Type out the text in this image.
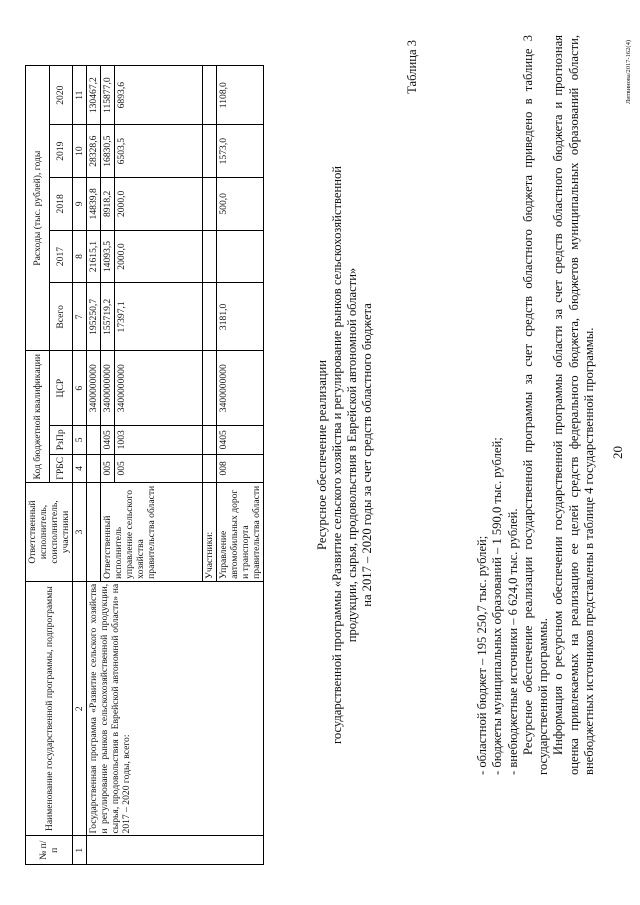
20

- областной бюджет – 195 250,7 тыс. рублей; - бюджеты муниципальных образований – 1 590,0 тыс. рублей; - внебюджетные источники – 6 624,0 тыс. рублей. Ресурсное обеспечение реализации государственной программы за счет средств областного бюджета приведено в таблице 3 государственной программы. Информация о ресурсном обеспечении государственной программы области за счет средств областного бюджета и прогнозная оценка привлекаемых на реализацию ее целей средств федерального бюджета, бюджетов муниципальных образований области, внебюджетных источников представлены в таблице 4 государственной программы.

Таблица 3
Ресурсное обеспечение реализации государственной программы «Развитие сельского хозяйства и регулирование рынков сельскохозяйственной продукции, сырья, продовольствия в Еврейской автономной области» на 2017 – 2020 годы за счет средств областного бюджета
№ п/п	Наименование государственной программы, подпрограммы	Ответственный исполнитель, соисполнитель, участники	Код бюджетной квалификации			Расходы (тыс. рублей), годы				
			ГРБС	РзПр	ЦСР	Всего	2017	2018	2019	2020
1	2	3	4	5	6	7	8	9	10	11
	Государственная программа «Развитие сельского хозяйства и регулирование рынков сельскохозяйственной продукции, сырья, продовольствия в Еврейской автономной области» на 2017 – 2020 годы, всего:				3400000000	195250,7	21615,1	14839,8	28328,6	130467,2
		Ответственный исполнитель управление сельского хозяйства правительства области	005	0405	3400000000	155719,2	14093,5	8918,2	16830,5	115877,0
			005	1003	3400000000	17397,1	2000,0	2000,0	6503,5	6893,6
		Участники:								
		Управление автомобильных дорог и транспорта правительства области	008	0405	3400000000	3181,0		500,0	1573,0	1108,0	Литвинова/2017-162(4)
